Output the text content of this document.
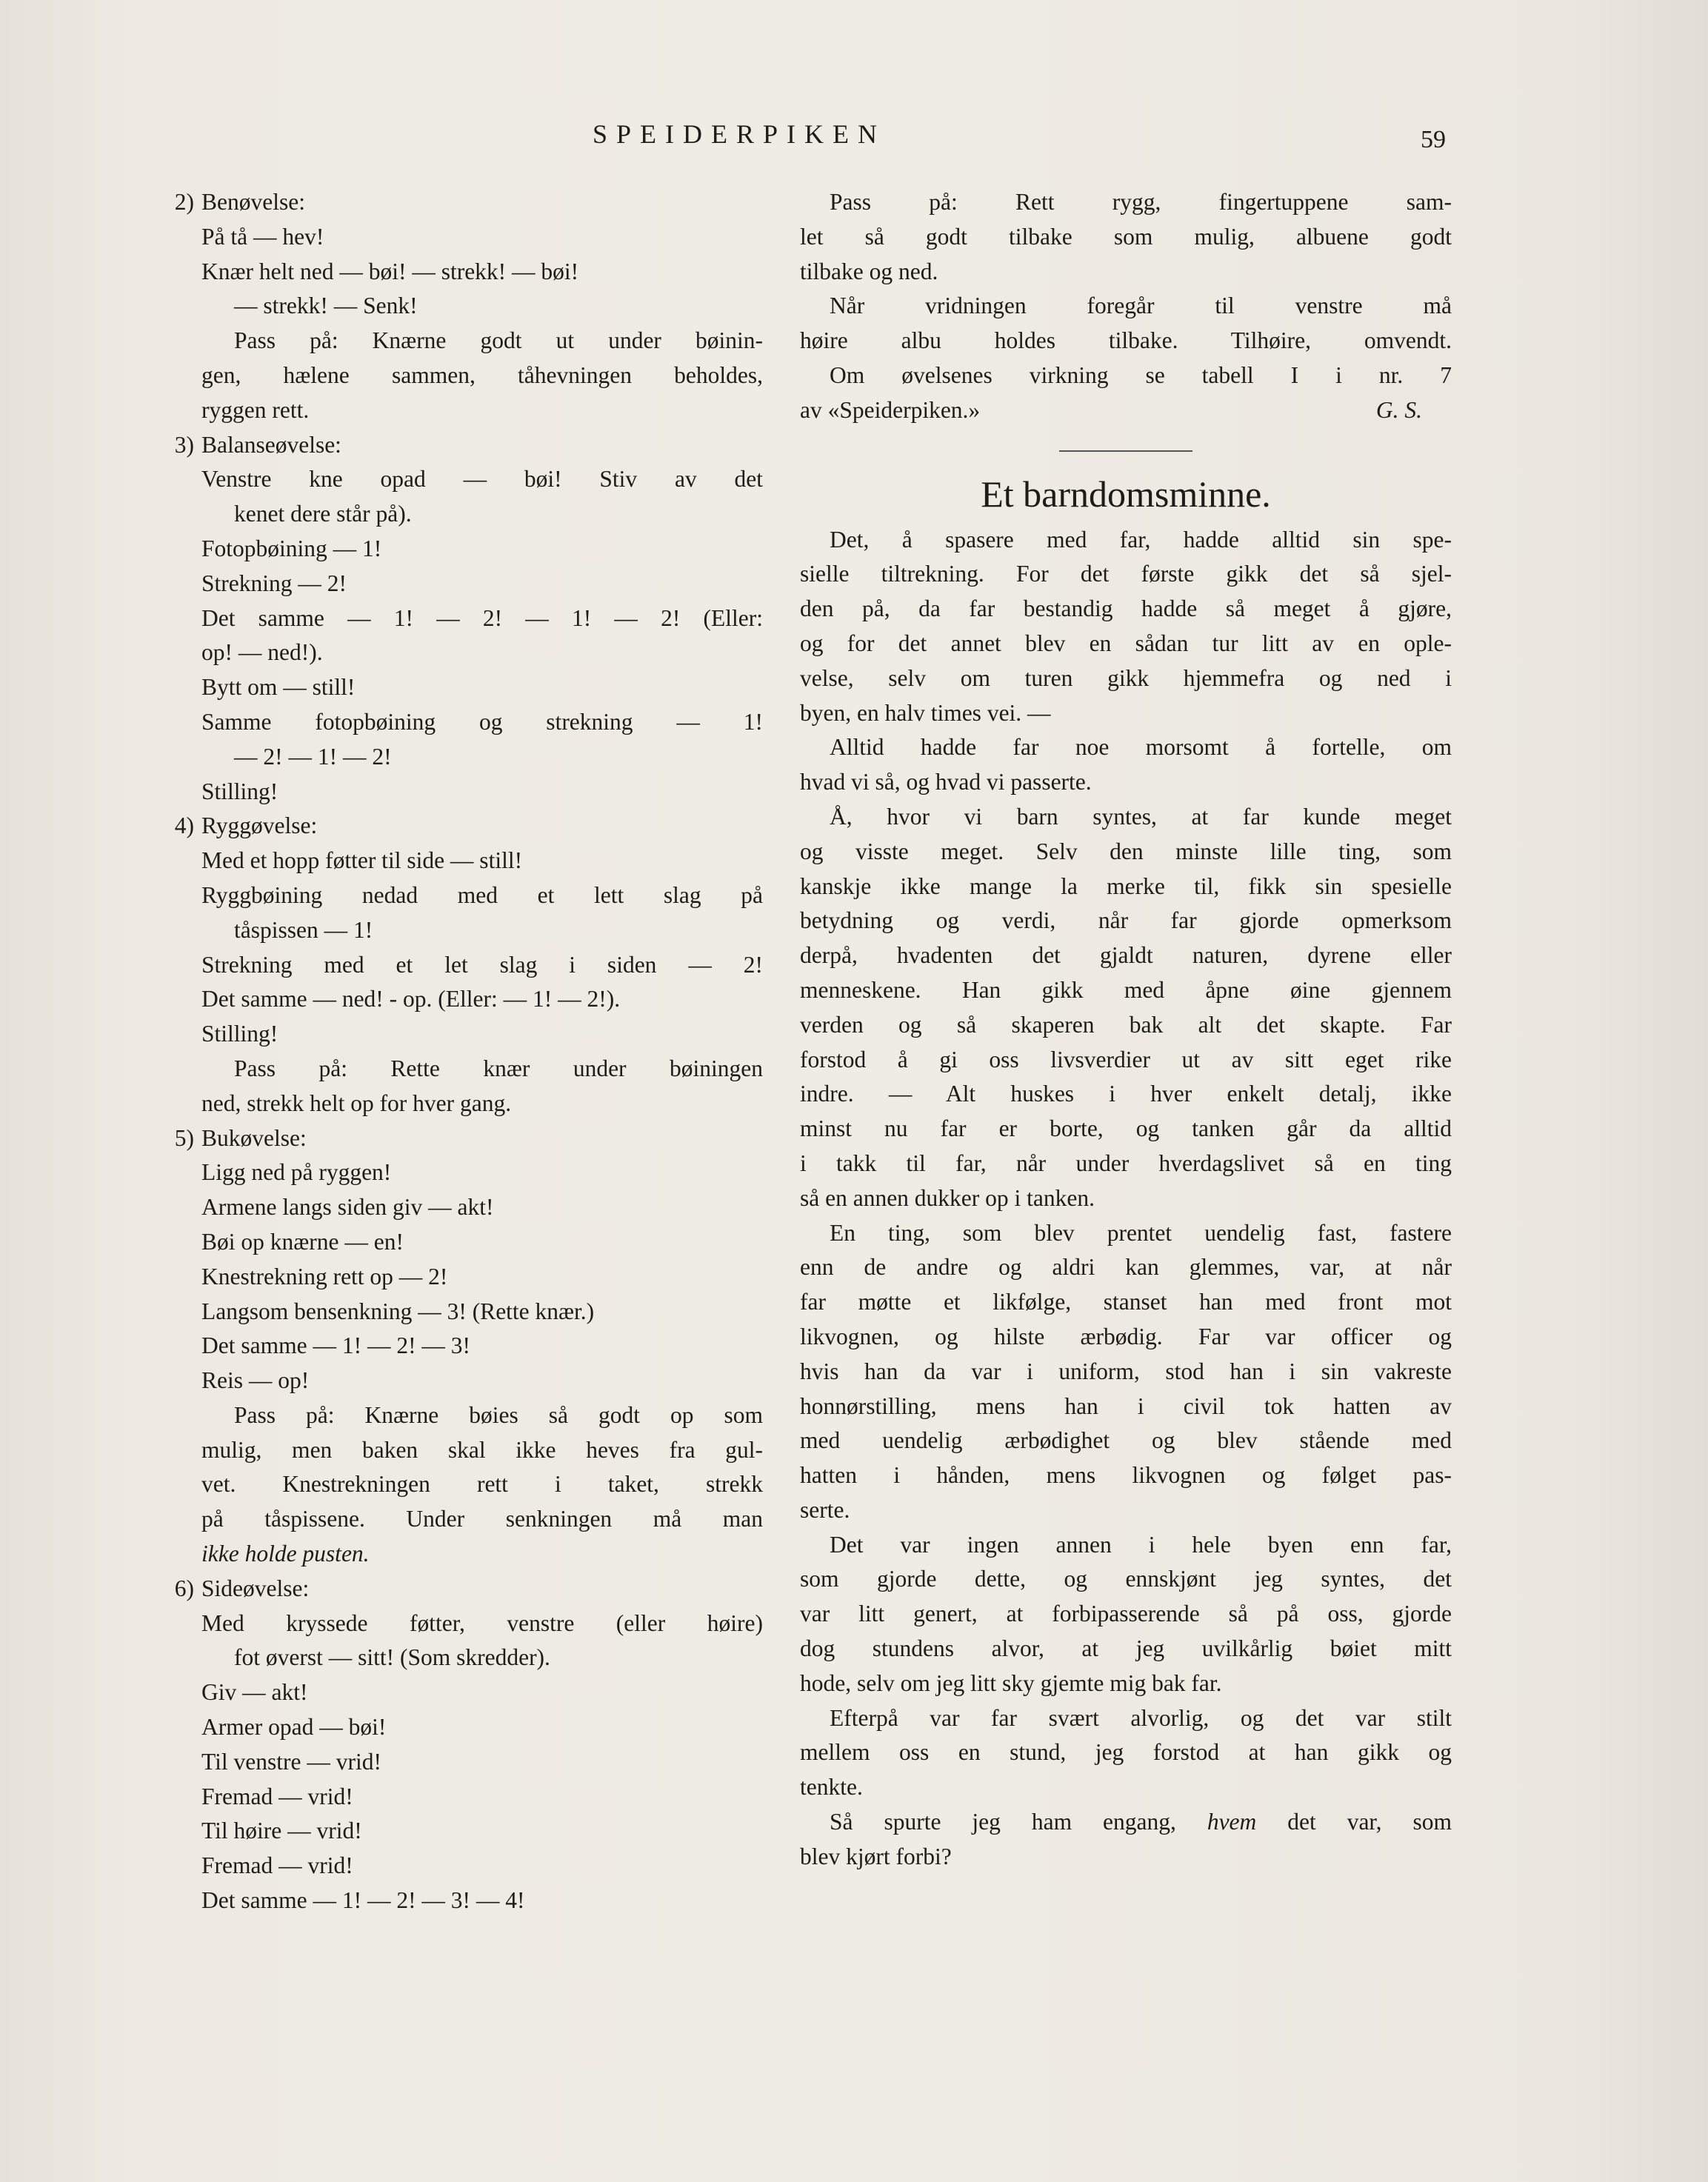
SPEIDERPIKEN	59
2) Benøvelse:
På tå — hev!
Knær helt ned — bøi! — strekk! — bøi!
— strekk! — Senk!
Pass på: Knærne godt ut under bøinin-
gen, hælene sammen, tåhevningen beholdes,
ryggen rett.
3) Balanseøvelse:
Venstre kne opad — bøi! Stiv av det
kenet dere står på).
Fotopbøining — 1!
Strekning — 2!
Det samme — 1! — 2! — 1! — 2! (Eller:
op! — ned!).
Bytt om — still!
Samme fotopbøining og strekning — 1!
— 2! — 1! — 2!
Stilling!
4) Ryggøvelse:
Med et hopp føtter til side — still!
Ryggbøining nedad med et lett slag på
tåspissen — 1!
Strekning med et let slag i siden — 2!
Det samme — ned! - op. (Eller: — 1! — 2!).
Stilling!
Pass på: Rette knær under bøiningen
ned, strekk helt op for hver gang.
5) Bukøvelse:
Ligg ned på ryggen!
Armene langs siden giv — akt!
Bøi op knærne — en!
Knestrekning rett op — 2!
Langsom bensenkning — 3! (Rette knær.)
Det samme — 1! — 2! — 3!
Reis — op!
Pass på: Knærne bøies så godt op som
mulig, men baken skal ikke heves fra gul-
vet. Knestrekningen rett i taket, strekk
på tåspissene. Under senkningen må man
ikke holde pusten.
6) Sideøvelse:
Med kryssede føtter, venstre (eller høire)
fot øverst — sitt! (Som skredder).
Giv — akt!
Armer opad — bøi!
Til venstre — vrid!
Fremad — vrid!
Til høire — vrid!
Fremad — vrid!
Det samme — 1! — 2! — 3! — 4!
Pass på: Rett rygg, fingertuppene sam-
let så godt tilbake som mulig, albuene godt
tilbake og ned.
Når vridningen foregår til venstre må
høire albu holdes tilbake. Tilhøire, omvendt.
Om øvelsenes virkning se tabell I i nr. 7
av «Speiderpiken.»	G. S.
Et barndomsminne.
Det, å spasere med far, hadde alltid sin spe-
sielle tiltrekning. For det første gikk det så sjel-
den på, da far bestandig hadde så meget å gjøre,
og for det annet blev en sådan tur litt av en ople-
velse, selv om turen gikk hjemmefra og ned i
byen, en halv times vei. —
Alltid hadde far noe morsomt å fortelle, om
hvad vi så, og hvad vi passerte.
Å, hvor vi barn syntes, at far kunde meget
og visste meget. Selv den minste lille ting, som
kanskje ikke mange la merke til, fikk sin spesielle
betydning og verdi, når far gjorde opmerksom
derpå, hvadenten det gjaldt naturen, dyrene eller
menneskene. Han gikk med åpne øine gjennem
verden og så skaperen bak alt det skapte. Far
forstod å gi oss livsverdier ut av sitt eget rike
indre. — Alt huskes i hver enkelt detalj, ikke
minst nu far er borte, og tanken går da alltid
i takk til far, når under hverdagslivet så en ting
så en annen dukker op i tanken.
En ting, som blev prentet uendelig fast, fastere
enn de andre og aldri kan glemmes, var, at når
far møtte et likfølge, stanset han med front mot
likvognen, og hilste ærbødig. Far var officer og
hvis han da var i uniform, stod han i sin vakreste
honnørstilling, mens han i civil tok hatten av
med uendelig ærbødighet og blev stående med
hatten i hånden, mens likvognen og følget pas-
serte.
Det var ingen annen i hele byen enn far,
som gjorde dette, og ennskjønt jeg syntes, det
var litt genert, at forbipasserende så på oss, gjorde
dog stundens alvor, at jeg uvilkårlig bøiet mitt
hode, selv om jeg litt sky gjemte mig bak far.
Efterpå var far svært alvorlig, og det var stilt
mellem oss en stund, jeg forstod at han gikk og
tenkte.
Så spurte jeg ham engang, hvem det var, som
blev kjørt forbi?
